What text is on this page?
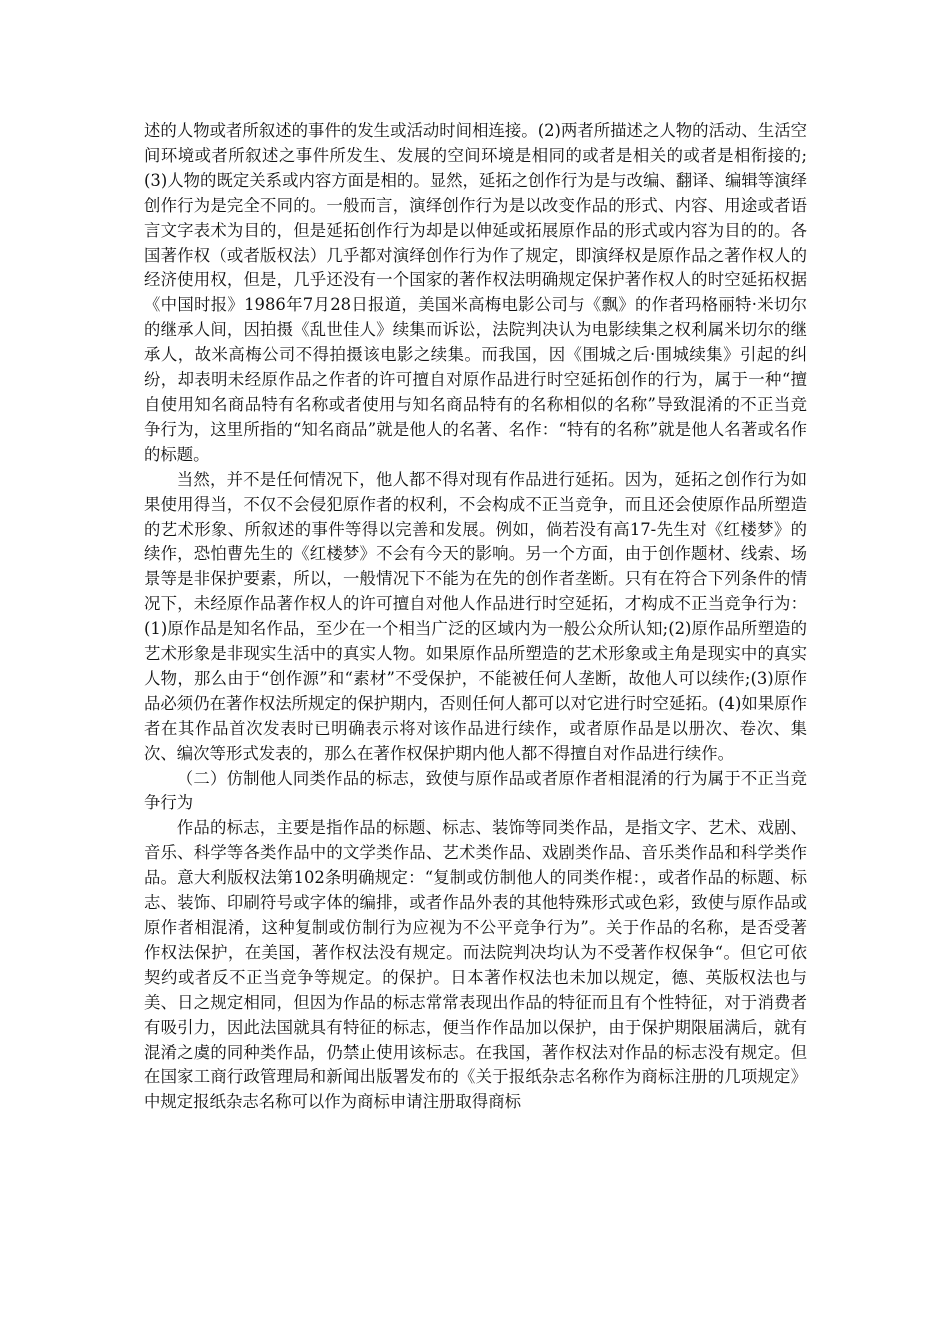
述的人物或者所叙述的事件的发生或活动时间相连接。(2)两者所描述之人物的活动、生活空间环境或者所叙述之事件所发生、发展的空间环境是相同的或者是相关的或者是相衔接的;(3)人物的既定关系或内容方面是相的。显然，延拓之创作行为是与改编、翻译、编辑等演绎创作行为是完全不同的。一般而言，演绎创作行为是以改变作品的形式、内容、用途或者语言文字表术为目的，但是延拓创作行为却是以伸延或拓展原作品的形式或内容为目的的。各国著作权（或者版权法）几乎都对演绎创作行为作了规定，即演绎权是原作品之著作权人的经济使用权，但是，几乎还没有一个国家的著作权法明确规定保护著作权人的时空延拓权据《中国时报》1986年7月28日报道，美国米高梅电影公司与《飘》的作者玛格丽特·米切尔的继承人间，因拍摄《乱世佳人》续集而诉讼，法院判决认为电影续集之权利属米切尔的继承人，故米高梅公司不得拍摄该电影之续集。而我国，因《围城之后·围城续集》引起的纠纷，却表明未经原作品之作者的许可擅自对原作品进行时空延拓创作的行为，属于一种“擅自使用知名商品特有名称或者使用与知名商品特有的名称相似的名称”导致混淆的不正当竞争行为，这里所指的“知名商品”就是他人的名著、名作：“特有的名称”就是他人名著或名作的标题。

当然，并不是任何情况下，他人都不得对现有作品进行延拓。因为，延拓之创作行为如果使用得当，不仅不会侵犯原作者的权利，不会构成不正当竞争，而且还会使原作品所塑造的艺术形象、所叙述的事件等得以完善和发展。例如，倘若没有高17-先生对《红楼梦》的续作，恐怕曹先生的《红楼梦》不会有今天的影响。另一个方面，由于创作题材、线索、场景等是非保护要素，所以，一般情况下不能为在先的创作者垄断。只有在符合下列条件的情况下，未经原作品著作权人的许可擅自对他人作品进行时空延拓，才构成不正当竞争行为：(1)原作品是知名作品，至少在一个相当广泛的区域内为一般公众所认知;(2)原作品所塑造的艺术形象是非现实生活中的真实人物。如果原作品所塑造的艺术形象或主角是现实中的真实人物，那么由于“创作源”和“素材”不受保护，不能被任何人垄断，故他人可以续作;(3)原作品必须仍在著作权法所规定的保护期内，否则任何人都可以对它进行时空延拓。(4)如果原作者在其作品首次发表时已明确表示将对该作品进行续作，或者原作品是以册次、卷次、集次、编次等形式发表的，那么在著作权保护期内他人都不得擅自对作品进行续作。

（二）仿制他人同类作品的标志，致使与原作品或者原作者相混淆的行为属于不正当竞争行为

作品的标志，主要是指作品的标题、标志、装饰等同类作品，是指文字、艺术、戏剧、音乐、科学等各类作品中的文学类作品、艺术类作品、戏剧类作品、音乐类作品和科学类作品。意大利版权法第102条明确规定：“复制或仿制他人的同类作棍：，或者作品的标题、标志、装饰、印刷符号或字体的编排，或者作品外表的其他特殊形式或色彩，致使与原作品或原作者相混淆，这种复制或仿制行为应视为不公平竞争行为”。关于作品的名称，是否受著作权法保护，在美国，著作权法没有规定。而法院判决均认为不受著作权保争“。但它可依契约或者反不正当竞争等规定。的保护。日本著作权法也未加以规定，德、英版权法也与美、日之规定相同，但因为作品的标志常常表现出作品的特征而且有个性特征，对于消费者有吸引力，因此法国就具有特征的标志，便当作作品加以保护，由于保护期限届满后，就有混淆之虞的同种类作品，仍禁止使用该标志。在我国，著作权法对作品的标志没有规定。但在国家工商行政管理局和新闻出版署发布的《关于报纸杂志名称作为商标注册的几项规定》中规定报纸杂志名称可以作为商标申请注册取得商标
